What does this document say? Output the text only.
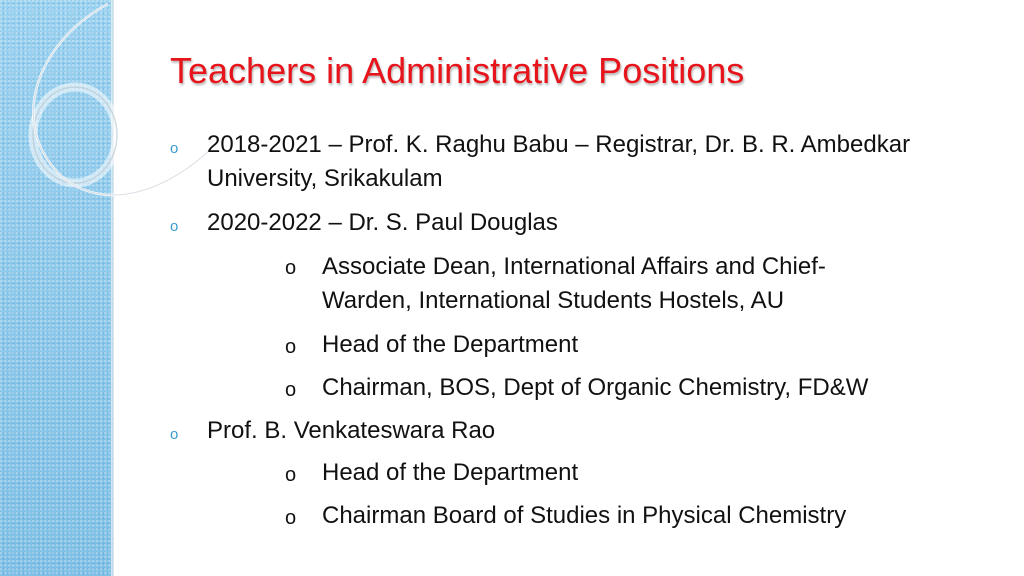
Teachers in Administrative Positions
o 2018-2021 – Prof. K. Raghu Babu – Registrar, Dr. B. R. Ambedkar
University, Srikakulam
o 2020-2022 – Dr. S. Paul Douglas
o Associate Dean, International Affairs and Chief-
Warden, International Students Hostels, AU
o Head of the Department
o Chairman, BOS, Dept of Organic Chemistry, FD&W
o Prof. B. Venkateswara Rao
o Head of the Department
o Chairman Board of Studies in Physical Chemistry
